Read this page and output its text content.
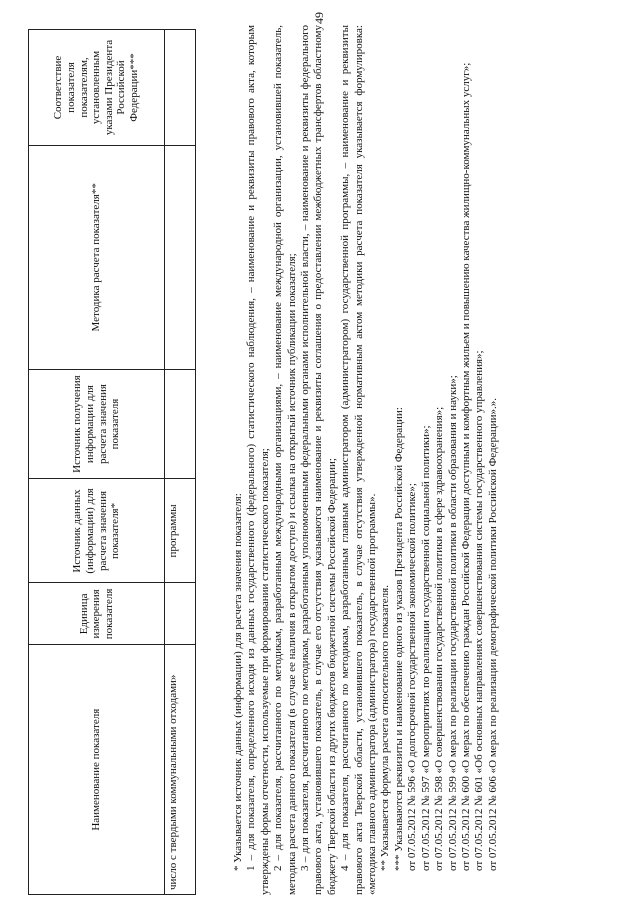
49
Наименование показателя	Единица измерения показателя	Источник данных (информации) для расчета значения показателя*	Источник получения информации для расчета значения показателя	Методика расчета показателя**	Соответствие показателя показателям, установленным указами Президента Российской Федерации***
число с твердыми коммунальными отходами»		программы				* Указывается источник данных (информации) для расчета значения показателя: 1 – для показателя, определенного исходя из данных государственного (федерального) статистического наблюдения, – наименование и реквизиты правового акта, которым утверждены формы отчетности, используемые при формировании статистического показателя; 2 – для показателя, рассчитанного по методикам, разработанным международными организациями, – наименование международной организации, установившей показатель, методика расчета данного показателя (в случае ее наличия в открытом доступе) и ссылка на открытый источник публикации показателя; 3 – для показателя, рассчитанного по методикам, разработанным уполномоченными федеральными органами исполнительной власти, – наименование и реквизиты федерального правового акта, установившего показатель, в случае его отсутствия указываются наименование и реквизиты соглашения о предоставлении межбюджетных трансфертов областному бюджету Тверской области из других бюджетов бюджетной системы Российской Федерации; 4 – для показателя, рассчитанного по методикам, разработанным главным администратором (администратором) государственной программы, – наименование и реквизиты правового акта Тверской области, установившего показатель, в случае отсутствия утвержденной нормативным актом методики расчета показателя указывается формулировка: «методика главного администратора (администратора) государственной программы». ** Указывается формула расчета относительного показателя. *** Указываются реквизиты и наименование одного из указов Президента Российской Федерации: от 07.05.2012 № 596 «О долгосрочной государственной экономической политике»; от 07.05.2012 № 597 «О мероприятиях по реализации государственной социальной политики»; от 07.05.2012 № 598 «О совершенствовании государственной политики в сфере здравоохранения»; от 07.05.2012 № 599 «О мерах по реализации государственной политики в области образования и науки»; от 07.05.2012 № 600 «О мерах по обеспечению граждан Российской Федерации доступным и комфортным жильем и повышению качества жилищно-коммунальных услуг»; от 07.05.2012 № 601 «Об основных направлениях совершенствования системы государственного управления»; от 07.05.2012 № 606 «О мерах по реализации демографической политики Российской Федерации».».
